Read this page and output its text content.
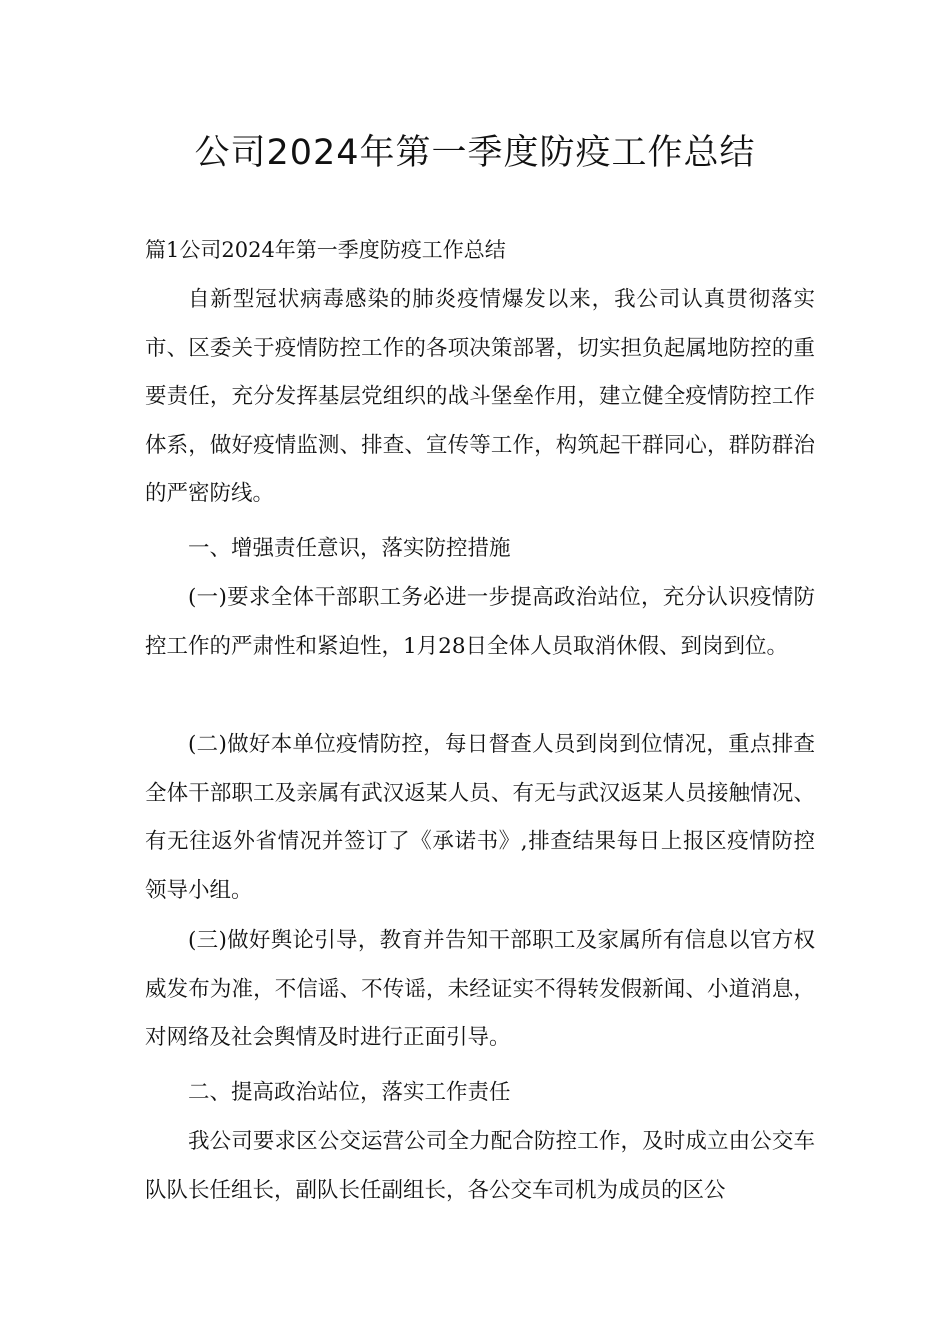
公司2024年第一季度防疫工作总结

篇1公司2024年第一季度防疫工作总结

自新型冠状病毒感染的肺炎疫情爆发以来，我公司认真贯彻落实市、区委关于疫情防控工作的各项决策部署，切实担负起属地防控的重要责任，充分发挥基层党组织的战斗堡垒作用，建立健全疫情防控工作体系，做好疫情监测、排查、宣传等工作，构筑起干群同心，群防群治的严密防线。

一、增强责任意识，落实防控措施

(一)要求全体干部职工务必进一步提高政治站位，充分认识疫情防控工作的严肃性和紧迫性，1月28日全体人员取消休假、到岗到位。

(二)做好本单位疫情防控，每日督查人员到岗到位情况，重点排查全体干部职工及亲属有武汉返某人员、有无与武汉返某人员接触情况、有无往返外省情况并签订了《承诺书》,排查结果每日上报区疫情防控领导小组。

(三)做好舆论引导，教育并告知干部职工及家属所有信息以官方权威发布为准，不信谣、不传谣，未经证实不得转发假新闻、小道消息，对网络及社会舆情及时进行正面引导。

二、提高政治站位，落实工作责任

我公司要求区公交运营公司全力配合防控工作，及时成立由公交车队队长任组长，副队长任副组长，各公交车司机为成员的区公
